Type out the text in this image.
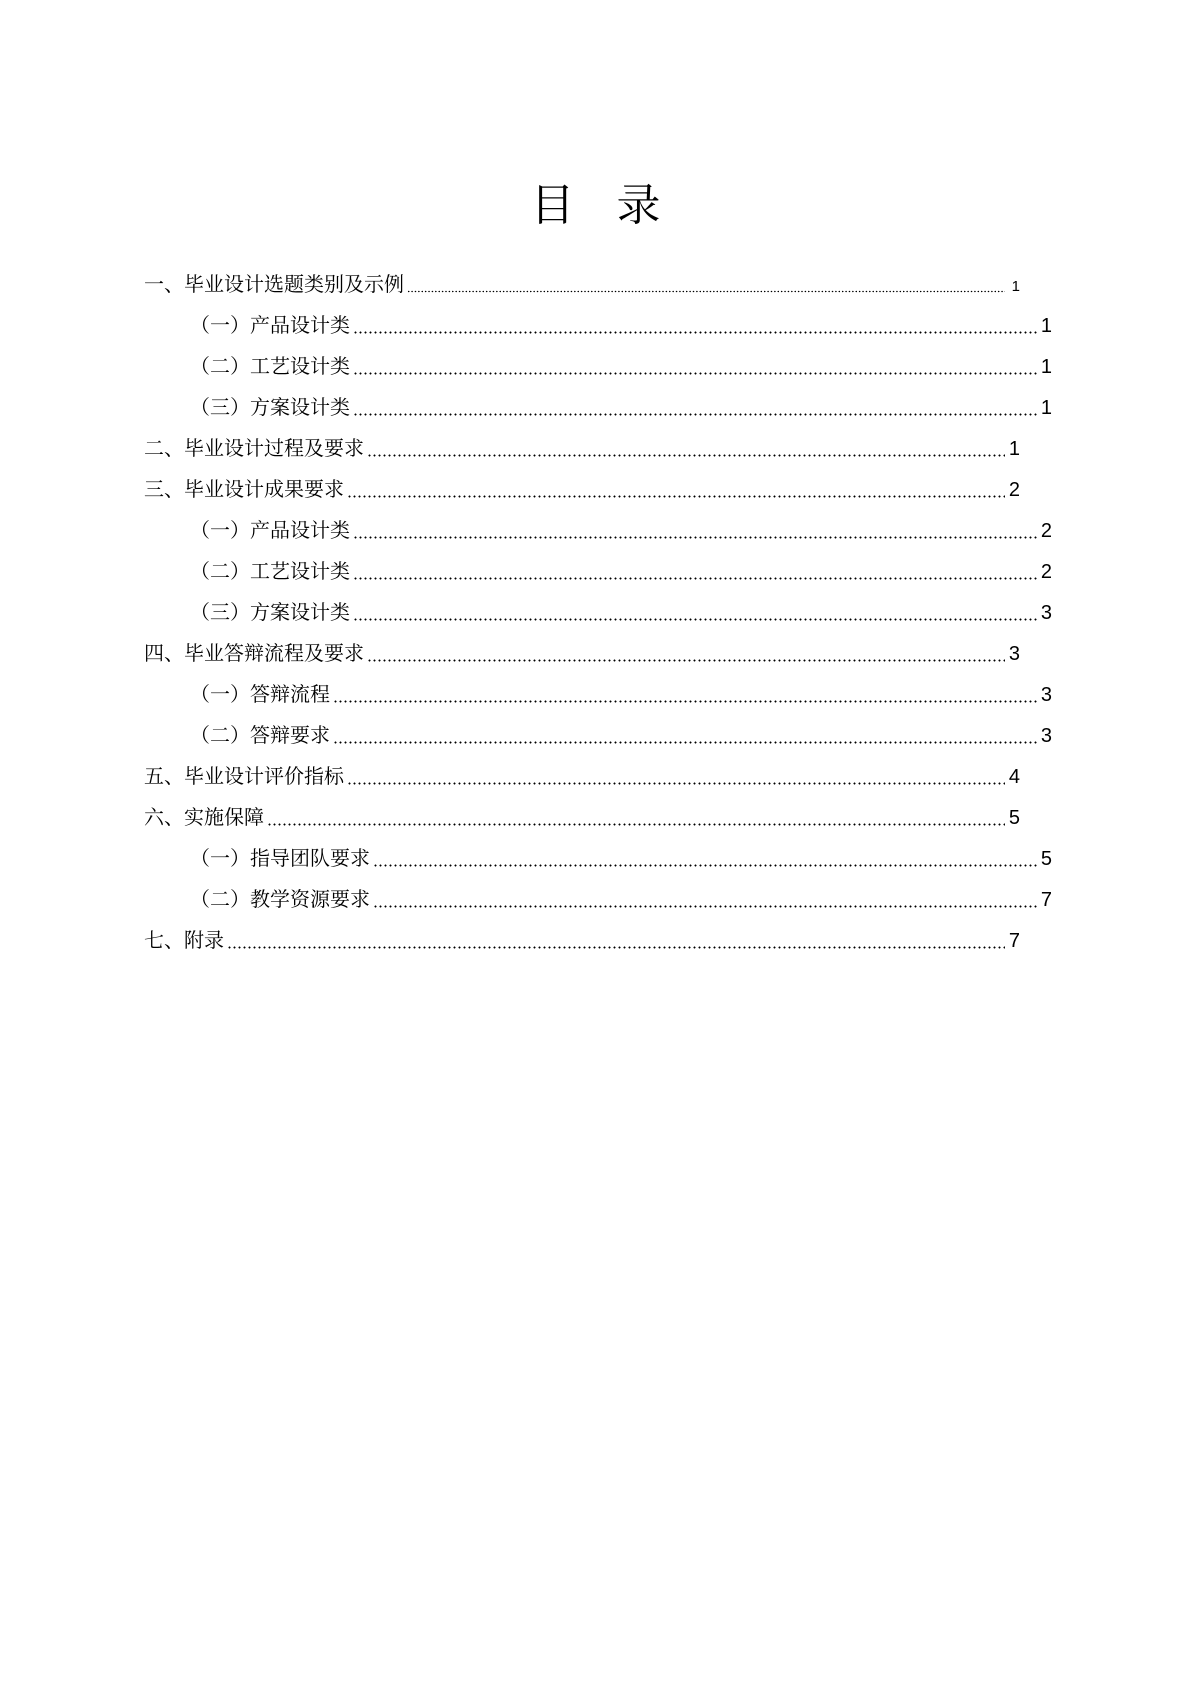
目 录
一、毕业设计选题类别及示例	1
（一）产品设计类	1
（二）工艺设计类	1
（三）方案设计类	1
二、毕业设计过程及要求	1
三、毕业设计成果要求	2
（一）产品设计类	2
（二）工艺设计类	2
（三）方案设计类	3
四、毕业答辩流程及要求	3
（一）答辩流程	3
（二）答辩要求	3
五、毕业设计评价指标	4
六、实施保障	5
（一）指导团队要求	5
（二）教学资源要求	7
七、附录	7
